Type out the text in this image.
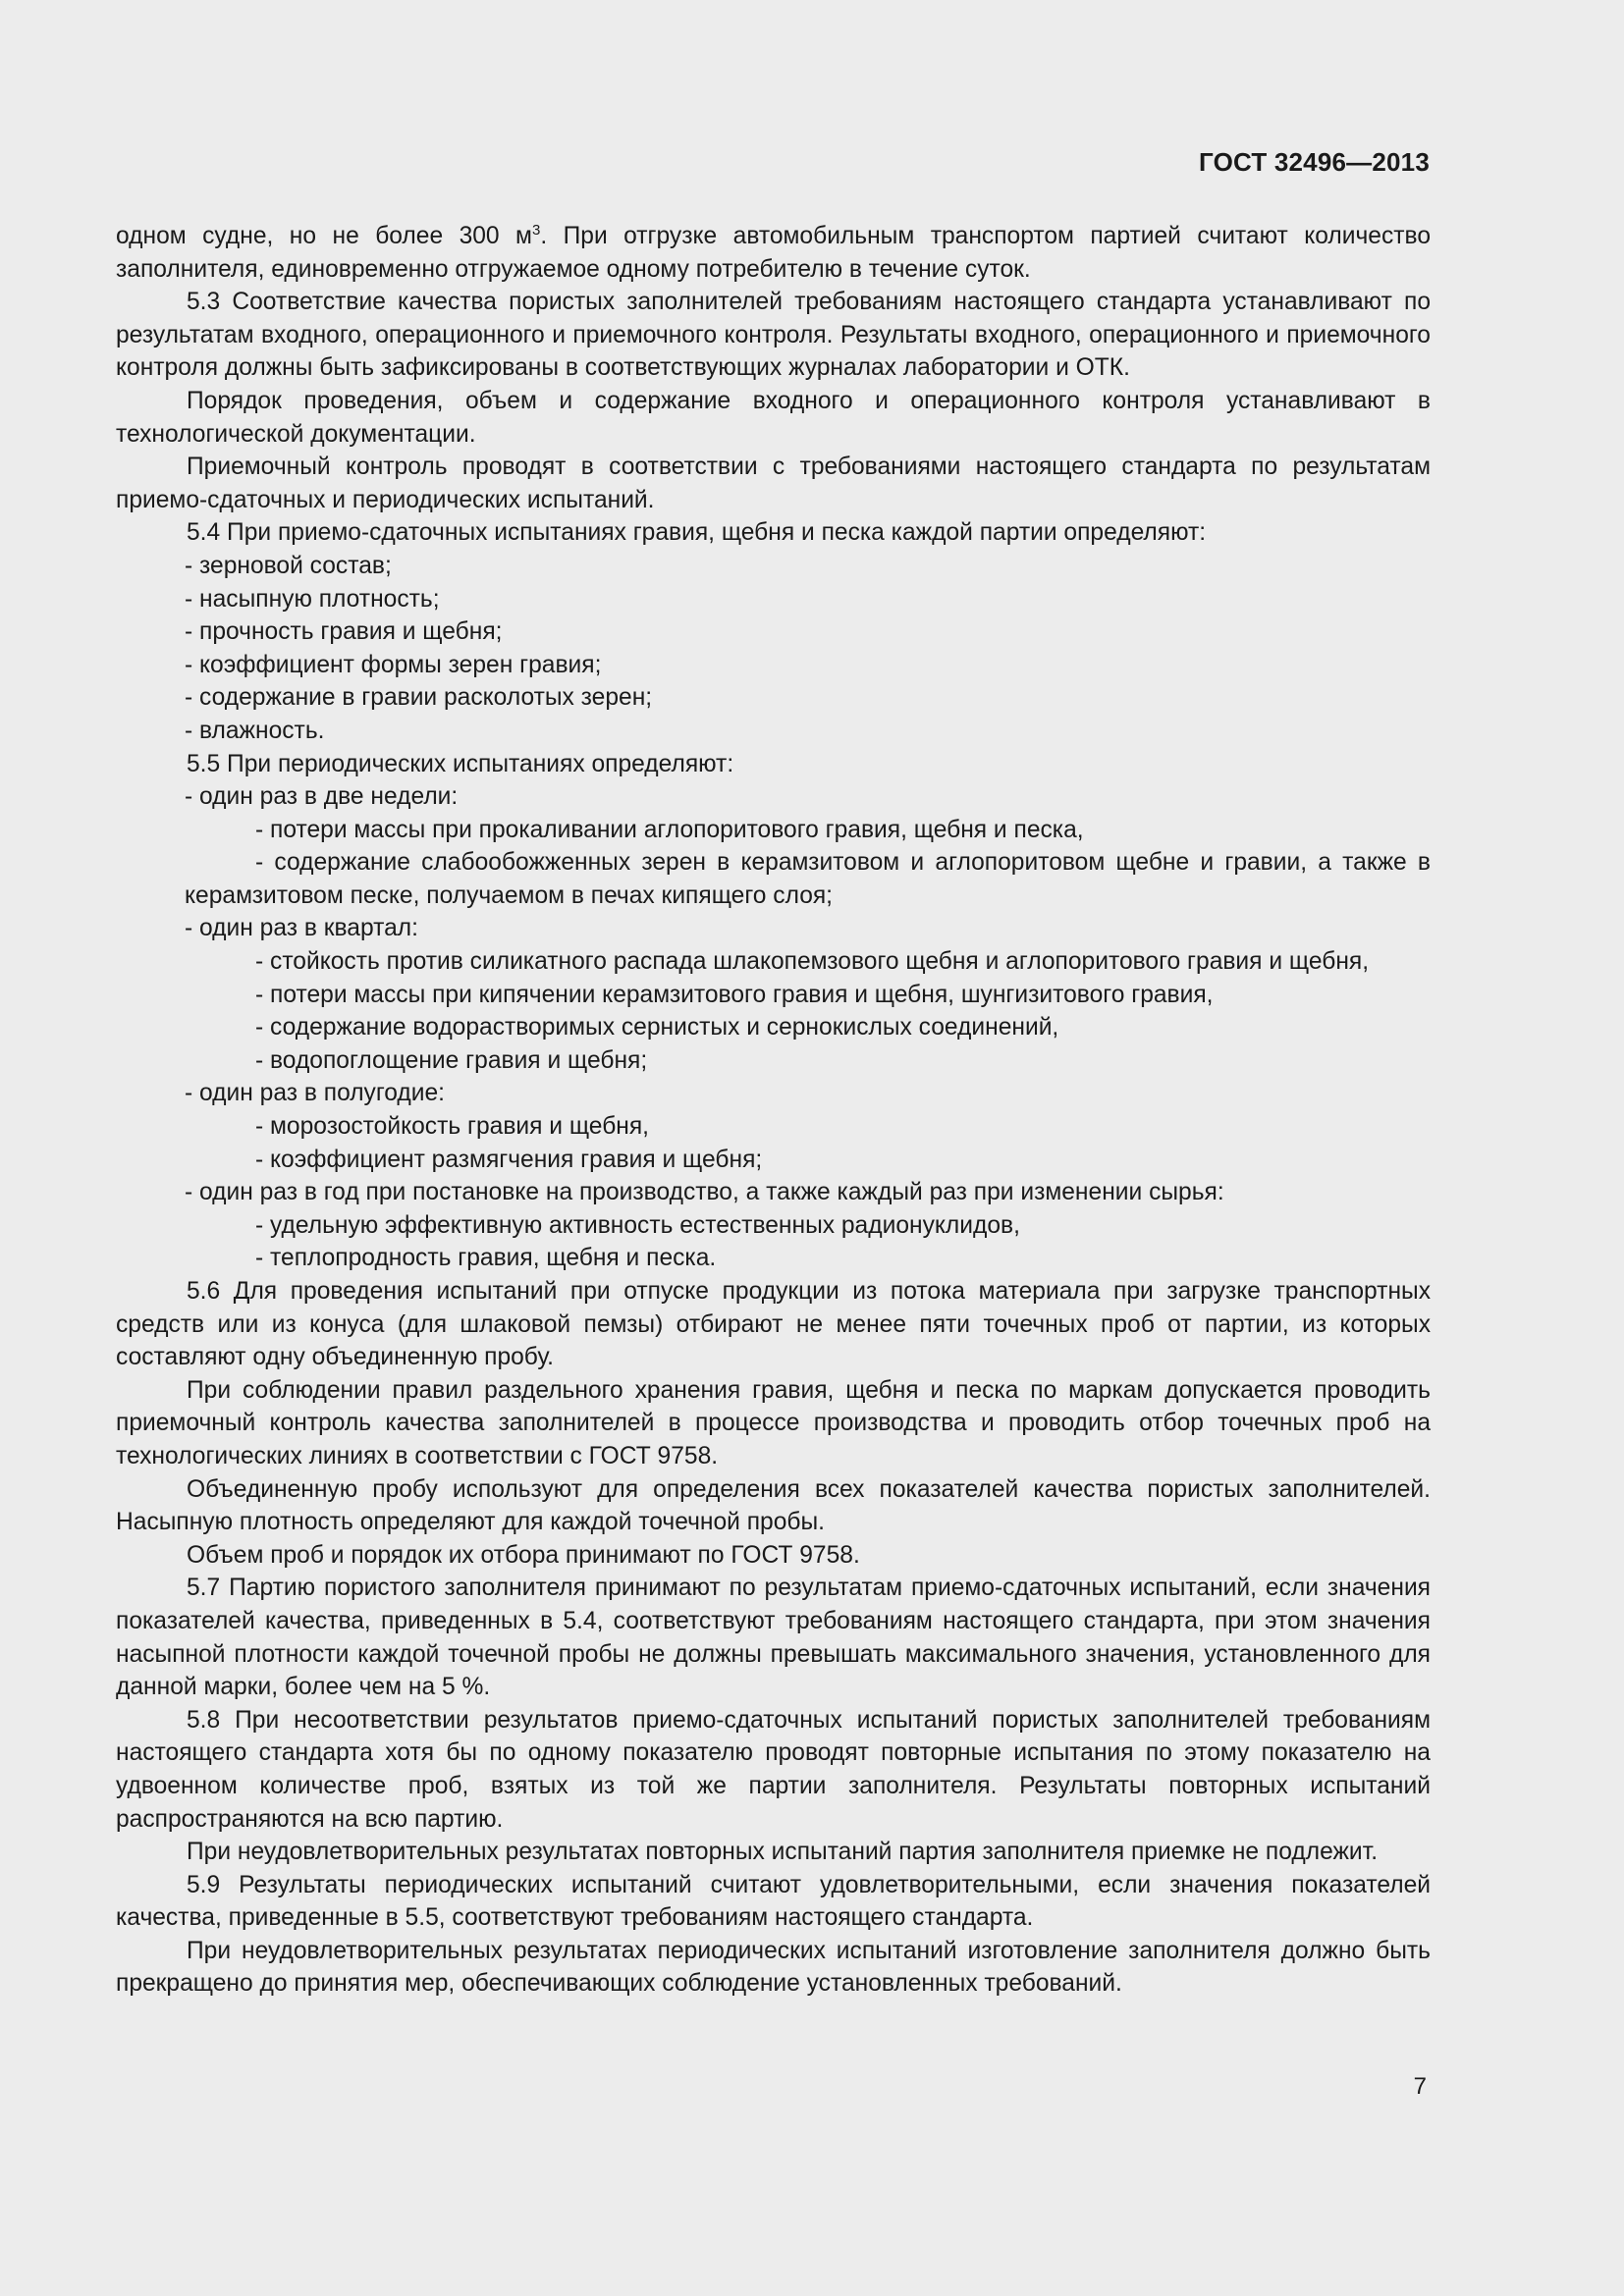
ГОСТ 32496—2013

одном судне, но не более 300 $м^3$. При отгрузке автомобильным транспортом партией считают количество заполнителя, единовременно отгружаемое одному потребителю в течение суток.

5.3 Соответствие качества пористых заполнителей требованиям настоящего стандарта устанавливают по результатам входного, операционного и приемочного контроля. Результаты входного, операционного и приемочного контроля должны быть зафиксированы в соответствующих журналах лаборатории и ОТК.

Порядок проведения, объем и содержание входного и операционного контроля устанавливают в технологической документации.

Приемочный контроль проводят в соответствии с требованиями настоящего стандарта по результатам приемо-сдаточных и периодических испытаний.

5.4 При приемо-сдаточных испытаниях гравия, щебня и песка каждой партии определяют:

- зерновой состав;

- насыпную плотность;

- прочность гравия и щебня;

- коэффициент формы зерен гравия;

- содержание в гравии расколотых зерен;

- влажность.

5.5 При периодических испытаниях определяют:

- один раз в две недели:

- потери массы при прокаливании аглопоритового гравия, щебня и песка,

- содержание слабообожженных зерен в керамзитовом и аглопоритовом щебне и гравии, а также в керамзитовом песке, получаемом в печах кипящего слоя;

- один раз в квартал:

- стойкость против силикатного распада шлакопемзового щебня и аглопоритового гравия и щебня,

- потери массы при кипячении керамзитового гравия и щебня, шунгизитового гравия,

- содержание водорастворимых сернистых и сернокислых соединений,

- водопоглощение гравия и щебня;

- один раз в полугодие:

- морозостойкость гравия и щебня,

- коэффициент размягчения гравия и щебня;

- один раз в год при постановке на производство, а также каждый раз при изменении сырья:

- удельную эффективную активность естественных радионуклидов,

- теплопродность гравия, щебня и песка.

5.6 Для проведения испытаний при отпуске продукции из потока материала при загрузке транспортных средств или из конуса (для шлаковой пемзы) отбирают не менее пяти точечных проб от партии, из которых составляют одну объединенную пробу.

При соблюдении правил раздельного хранения гравия, щебня и песка по маркам допускается проводить приемочный контроль качества заполнителей в процессе производства и проводить отбор точечных проб на технологических линиях в соответствии с ГОСТ 9758.

Объединенную пробу используют для определения всех показателей качества пористых заполнителей. Насыпную плотность определяют для каждой точечной пробы.

Объем проб и порядок их отбора принимают по ГОСТ 9758.

5.7 Партию пористого заполнителя принимают по результатам приемо-сдаточных испытаний, если значения показателей качества, приведенных в 5.4, соответствуют требованиям настоящего стандарта, при этом значения насыпной плотности каждой точечной пробы не должны превышать максимального значения, установленного для данной марки, более чем на 5 %.

5.8 При несоответствии результатов приемо-сдаточных испытаний пористых заполнителей требованиям настоящего стандарта хотя бы по одному показателю проводят повторные испытания по этому показателю на удвоенном количестве проб, взятых из той же партии заполнителя. Результаты повторных испытаний распространяются на всю партию.

При неудовлетворительных результатах повторных испытаний партия заполнителя приемке не подлежит.

5.9 Результаты периодических испытаний считают удовлетворительными, если значения показателей качества, приведенные в 5.5, соответствуют требованиям настоящего стандарта.

При неудовлетворительных результатах периодических испытаний изготовление заполнителя должно быть прекращено до принятия мер, обеспечивающих соблюдение установленных требований.

7
